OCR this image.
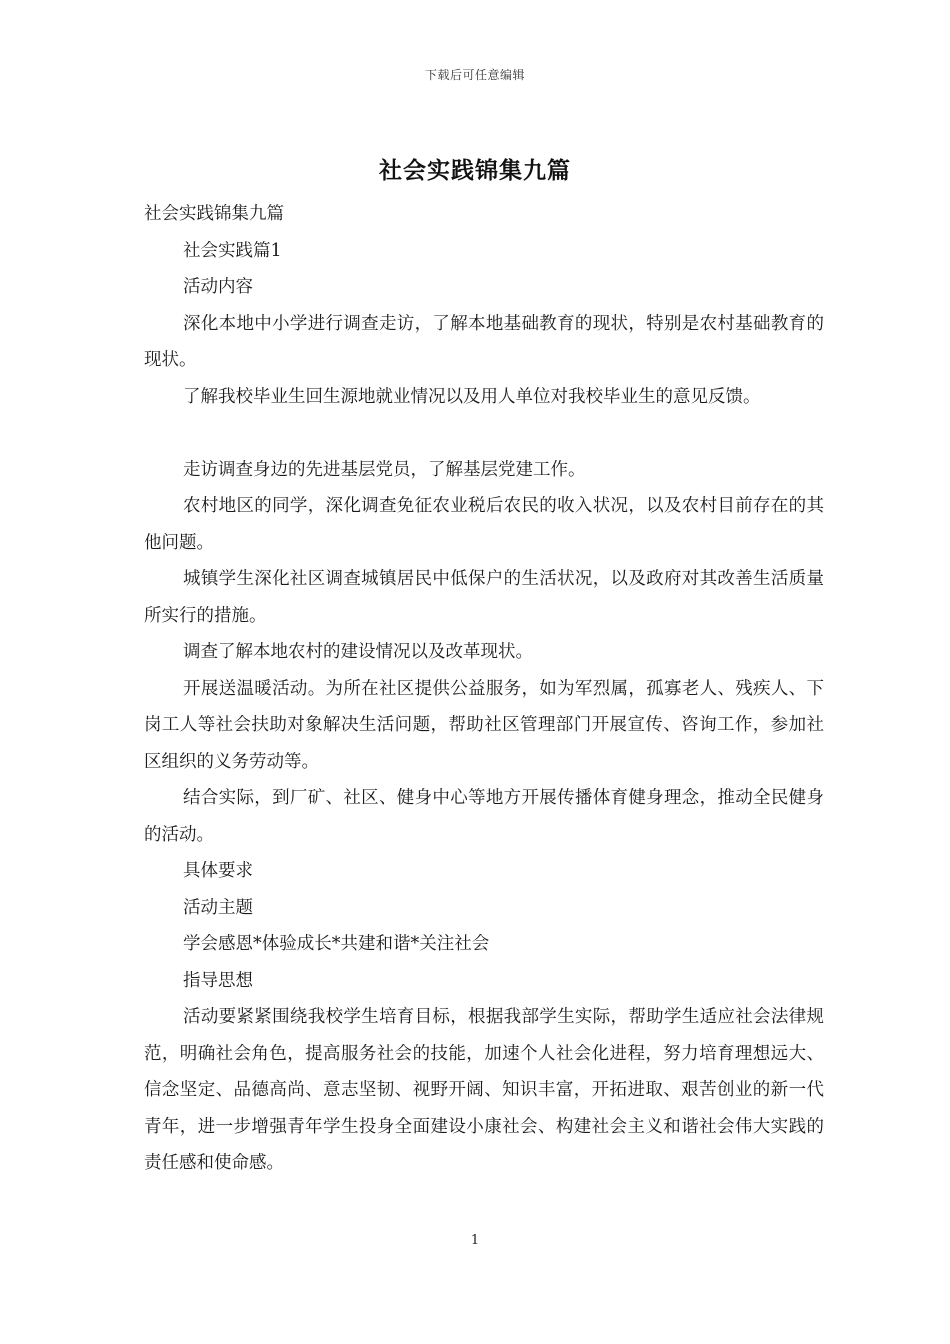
下载后可任意编辑
社会实践锦集九篇

社会实践锦集九篇

社会实践篇1

活动内容

深化本地中小学进行调查走访，了解本地基础教育的现状，特别是农村基础教育的现状。

了解我校毕业生回生源地就业情况以及用人单位对我校毕业生的意见反馈。

走访调查身边的先进基层党员，了解基层党建工作。

农村地区的同学，深化调查免征农业税后农民的收入状况，以及农村目前存在的其他问题。

城镇学生深化社区调查城镇居民中低保户的生活状况，以及政府对其改善生活质量所实行的措施。

调查了解本地农村的建设情况以及改革现状。

开展送温暖活动。为所在社区提供公益服务，如为军烈属，孤寡老人、残疾人、下岗工人等社会扶助对象解决生活问题，帮助社区管理部门开展宣传、咨询工作，参加社区组织的义务劳动等。

结合实际，到厂矿、社区、健身中心等地方开展传播体育健身理念，推动全民健身的活动。

具体要求

活动主题

学会感恩*体验成长*共建和谐*关注社会

指导思想

活动要紧紧围绕我校学生培育目标，根据我部学生实际，帮助学生适应社会法律规范，明确社会角色，提高服务社会的技能，加速个人社会化进程，努力培育理想远大、信念坚定、品德高尚、意志坚韧、视野开阔、知识丰富，开拓进取、艰苦创业的新一代青年，进一步增强青年学生投身全面建设小康社会、构建社会主义和谐社会伟大实践的责任感和使命感。

1
